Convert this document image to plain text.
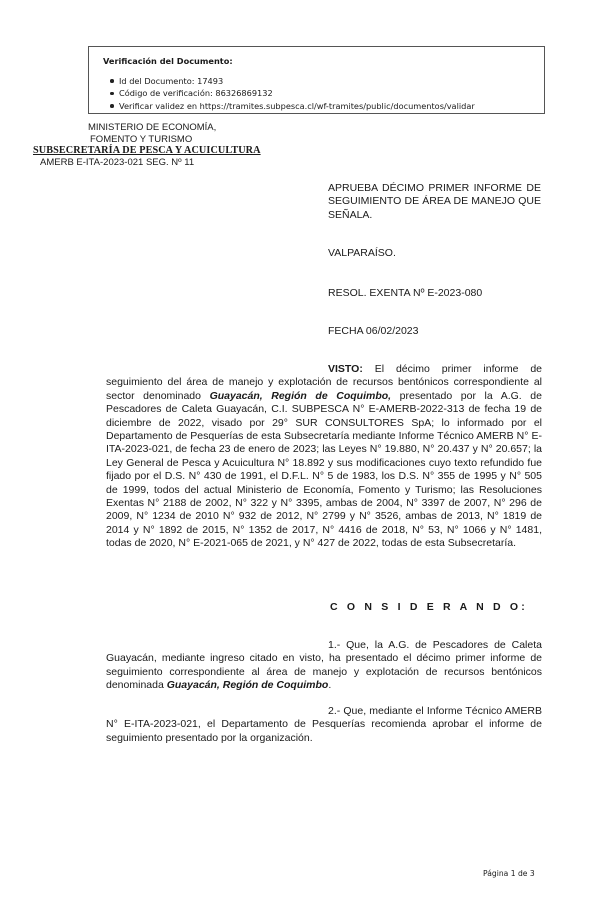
Verificación del Documento:
Id del Documento: 17493
Código de verificación: 86326869132
Verificar validez en https://tramites.subpesca.cl/wf-tramites/public/documentos/validar
MINISTERIO DE ECONOMÍA,
FOMENTO Y TURISMO
SUBSECRETARÍA DE PESCA Y ACUICULTURA
AMERB E-ITA-2023-021 SEG. Nº 11
APRUEBA DÉCIMO PRIMER INFORME DE SEGUIMIENTO DE ÁREA DE MANEJO QUE SEÑALA.
VALPARAÍSO.
RESOL. EXENTA Nº E-2023-080
FECHA 06/02/2023
VISTO: El décimo primer informe de seguimiento del área de manejo y explotación de recursos bentónicos correspondiente al sector denominado Guayacán, Región de Coquimbo, presentado por la A.G. de Pescadores de Caleta Guayacán, C.I. SUBPESCA N° E-AMERB-2022-313 de fecha 19 de diciembre de 2022, visado por 29° SUR CONSULTORES SpA; lo informado por el Departamento de Pesquerías de esta Subsecretaría mediante Informe Técnico AMERB N° E-ITA-2023-021, de fecha 23 de enero de 2023; las Leyes N° 19.880, N° 20.437 y N° 20.657; la Ley General de Pesca y Acuicultura N° 18.892 y sus modificaciones cuyo texto refundido fue fijado por el D.S. N° 430 de 1991, el D.F.L. N° 5 de 1983, los D.S. N° 355 de 1995 y N° 505 de 1999, todos del actual Ministerio de Economía, Fomento y Turismo; las Resoluciones Exentas N° 2188 de 2002, N° 322 y N° 3395, ambas de 2004, N° 3397 de 2007, N° 296 de 2009, N° 1234 de 2010 N° 932 de 2012, N° 2799 y N° 3526, ambas de 2013, N° 1819 de 2014 y N° 1892 de 2015, N° 1352 de 2017, N° 4416 de 2018, N° 53, N° 1066 y N° 1481, todas de 2020, N° E-2021-065 de 2021, y N° 427 de 2022, todas de esta Subsecretaría.
C O N S I D E R A N D O:
1.- Que, la A.G. de Pescadores de Caleta Guayacán, mediante ingreso citado en visto, ha presentado el décimo primer informe de seguimiento correspondiente al área de manejo y explotación de recursos bentónicos denominada Guayacán, Región de Coquimbo.
2.- Que, mediante el Informe Técnico AMERB N° E-ITA-2023-021, el Departamento de Pesquerías recomienda aprobar el informe de seguimiento presentado por la organización.
Página 1 de 3
